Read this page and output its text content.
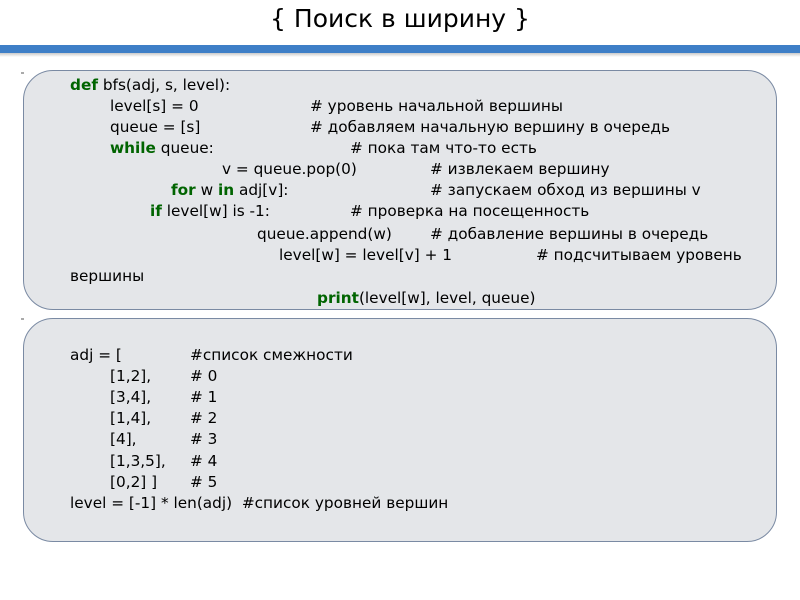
{ Поиск в ширину }
def bfs(adj, s, level):
level[s] = 0	# уровень начальной вершины
queue = [s]	# добавляем начальную вершину в очередь
while queue:	# пока там что-то есть
v = queue.pop(0)	# извлекаем вершину
for w in adj[v]:	# запускаем обход из вершины v
if level[w] is -1:	# проверка на посещенность
queue.append(w) # добавление вершины в очередь
level[w] = level[v] + 1	# подсчитываем уровень
вершины
print(level[w], level, queue)
adj = [	#список смежности
[1,2],	# 0
[3,4],	# 1
[1,4],	# 2
[4],	# 3
[1,3,5], # 4
[0,2] ] # 5
level = [-1] * len(adj)  #список уровней вершин
